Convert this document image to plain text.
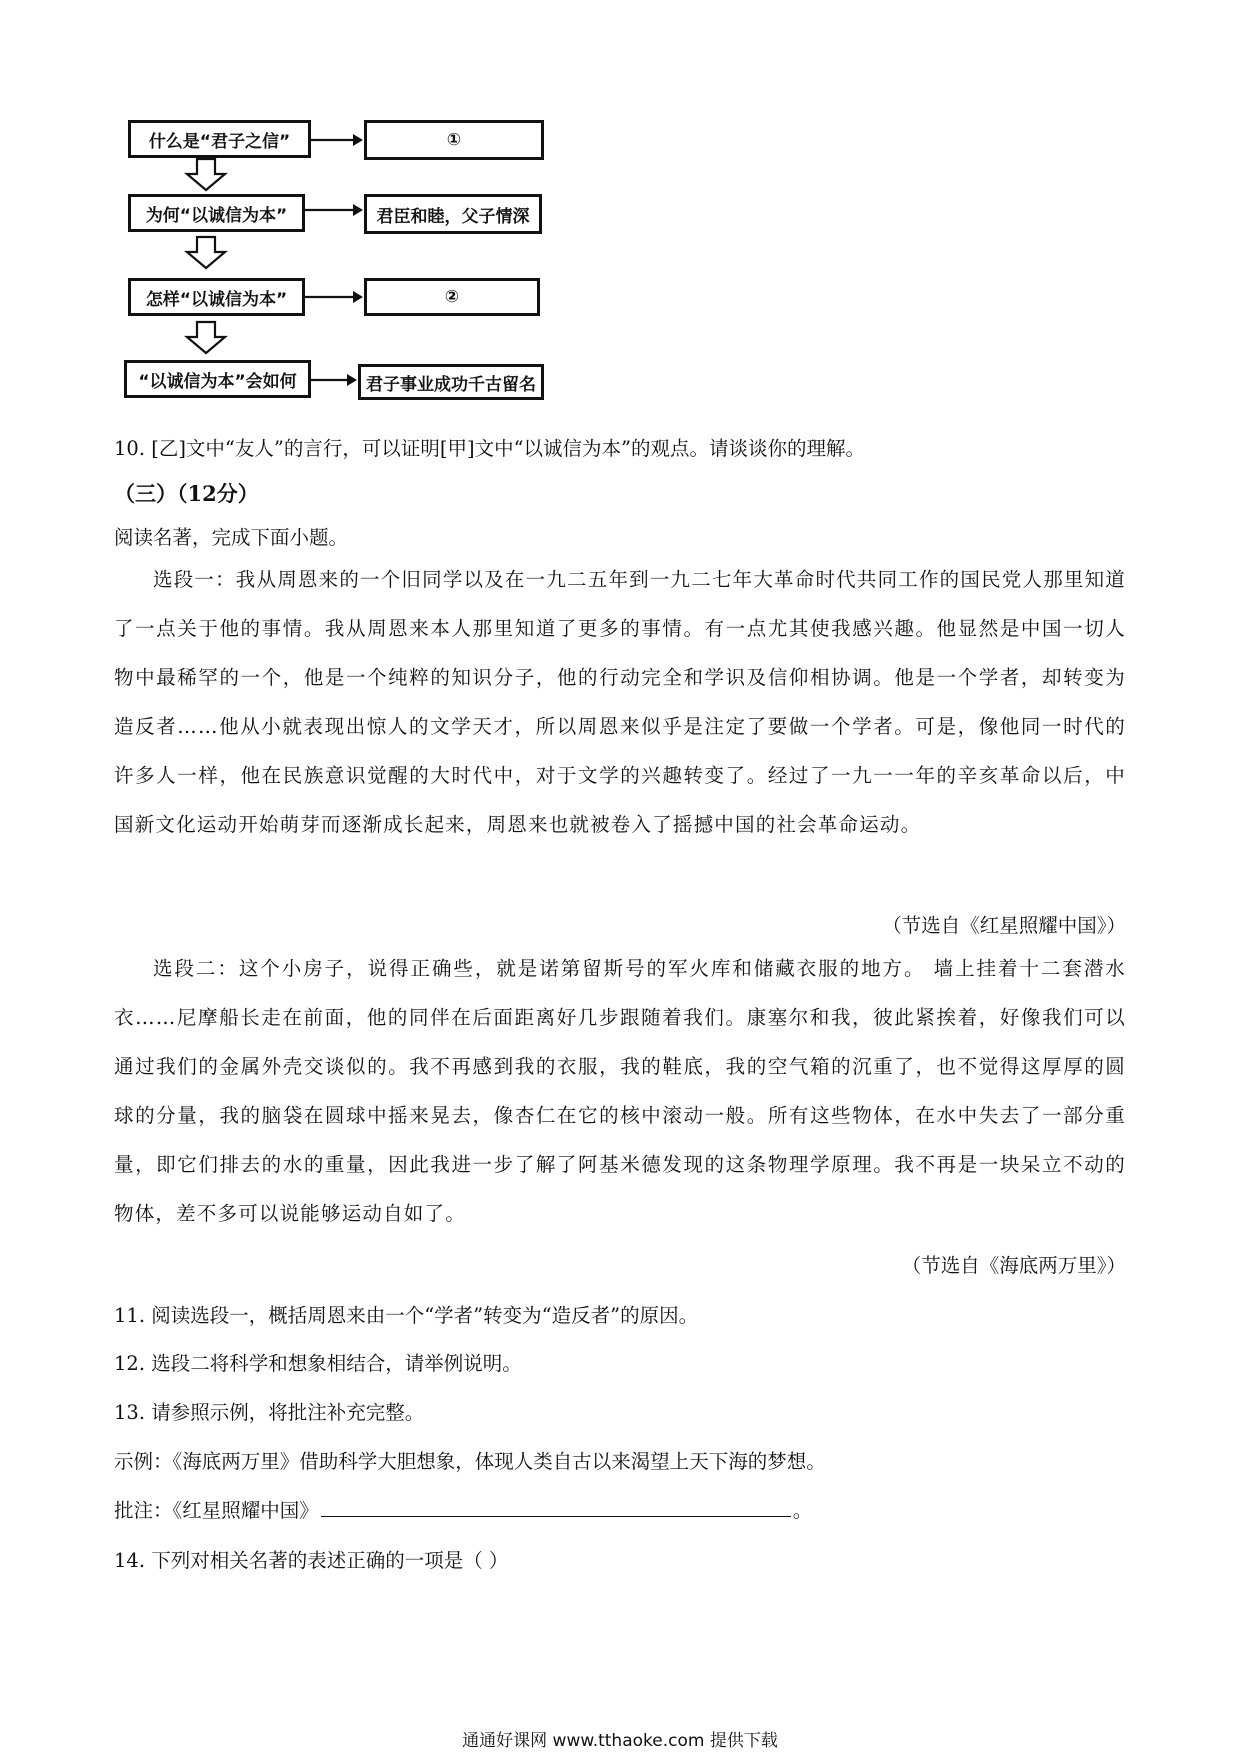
什么是“君子之信”
为何“以诚信为本”
怎样“以诚信为本”
“以诚信为本”会如何
①
君臣和睦，父子情深
②
君子事业成功千古留名
10. [乙]文中“友人”的言行，可以证明[甲]文中“以诚信为本”的观点。请谈谈你的理解。
（三）（12分）
阅读名著，完成下面小题。
选段一：我从周恩来的一个旧同学以及在一九二五年到一九二七年大革命时代共同工作的国民党人那里知道了一点关于他的事情。我从周恩来本人那里知道了更多的事情。有一点尤其使我感兴趣。他显然是中国一切人物中最稀罕的一个，他是一个纯粹的知识分子，他的行动完全和学识及信仰相协调。他是一个学者，却转变为造反者……他从小就表现出惊人的文学天才，所以周恩来似乎是注定了要做一个学者。可是，像他同一时代的许多人一样，他在民族意识觉醒的大时代中，对于文学的兴趣转变了。经过了一九一一年的辛亥革命以后，中国新文化运动开始萌芽而逐渐成长起来，周恩来也就被卷入了摇撼中国的社会革命运动。
（节选自《红星照耀中国》）
选段二：这个小房子，说得正确些，就是诺第留斯号的军火库和储藏衣服的地方。 墙上挂着十二套潜水衣……尼摩船长走在前面，他的同伴在后面距离好几步跟随着我们。康塞尔和我，彼此紧挨着，好像我们可以通过我们的金属外壳交谈似的。我不再感到我的衣服，我的鞋底，我的空气箱的沉重了，也不觉得这厚厚的圆球的分量，我的脑袋在圆球中摇来晃去，像杏仁在它的核中滚动一般。所有这些物体，在水中失去了一部分重量，即它们排去的水的重量，因此我进一步了解了阿基米德发现的这条物理学原理。我不再是一块呆立不动的物体，差不多可以说能够运动自如了。
（节选自《海底两万里》）
11. 阅读选段一，概括周恩来由一个“学者”转变为“造反者”的原因。
12. 选段二将科学和想象相结合，请举例说明。
13. 请参照示例，将批注补充完整。
示例：《海底两万里》借助科学大胆想象，体现人类自古以来渴望上天下海的梦想。
批注：《红星照耀中国》	。
14. 下列对相关名著的表述正确的一项是（ ）
通通好课网 www.tthaoke.com 提供下载
